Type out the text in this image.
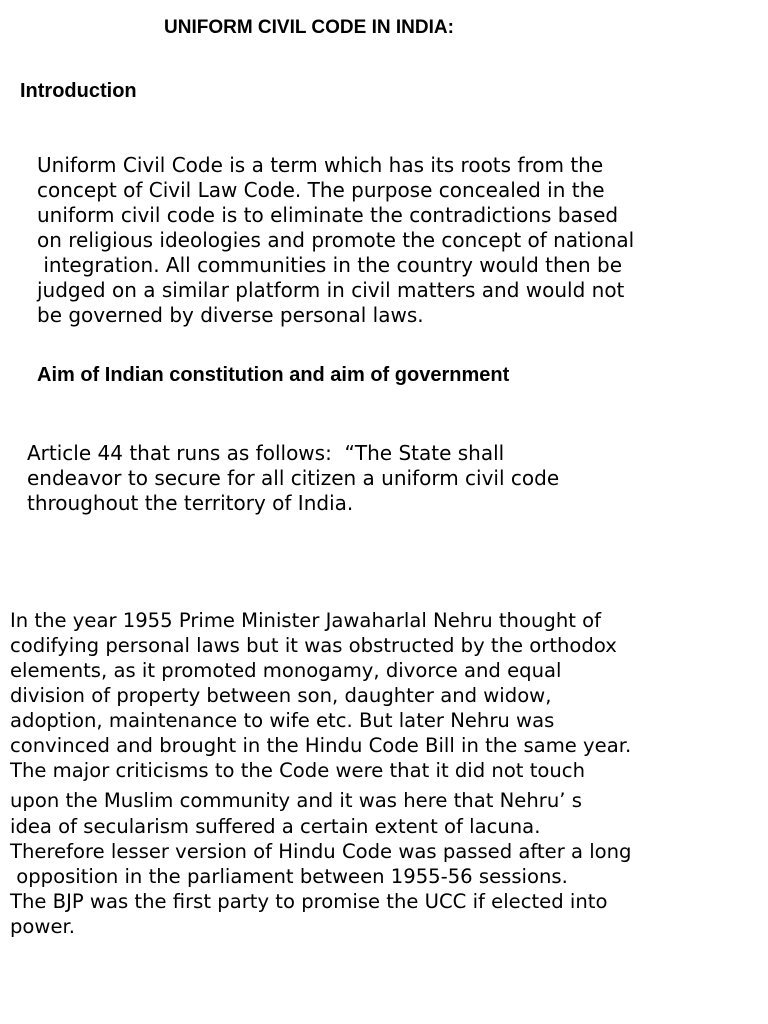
UNIFORM CIVIL CODE IN INDIA:
Introduction
Uniform Civil Code is a term which has its roots from the
concept of Civil Law Code. The purpose concealed in the
uniform civil code is to eliminate the contradictions based
on religious ideologies and promote the concept of national
integration. All communities in the country would then be
judged on a similar platform in civil matters and would not
be governed by diverse personal laws.
Aim of Indian constitution and aim of government
Article 44 that runs as follows:  “The State shall
endeavor to secure for all citizen a uniform civil code
throughout the territory of India.
In the year 1955 Prime Minister Jawaharlal Nehru thought of
codifying personal laws but it was obstructed by the orthodox
elements, as it promoted monogamy, divorce and equal
division of property between son, daughter and widow,
adoption, maintenance to wife etc. But later Nehru was
convinced and brought in the Hindu Code Bill in the same year.
The major criticisms to the Code were that it did not touch
upon the Muslim community and it was here that Nehru’ s
idea of secularism suffered a certain extent of lacuna.
Therefore lesser version of Hindu Code was passed after a long
opposition in the parliament between 1955-56 sessions.
The BJP was the first party to promise the UCC if elected into
power.
